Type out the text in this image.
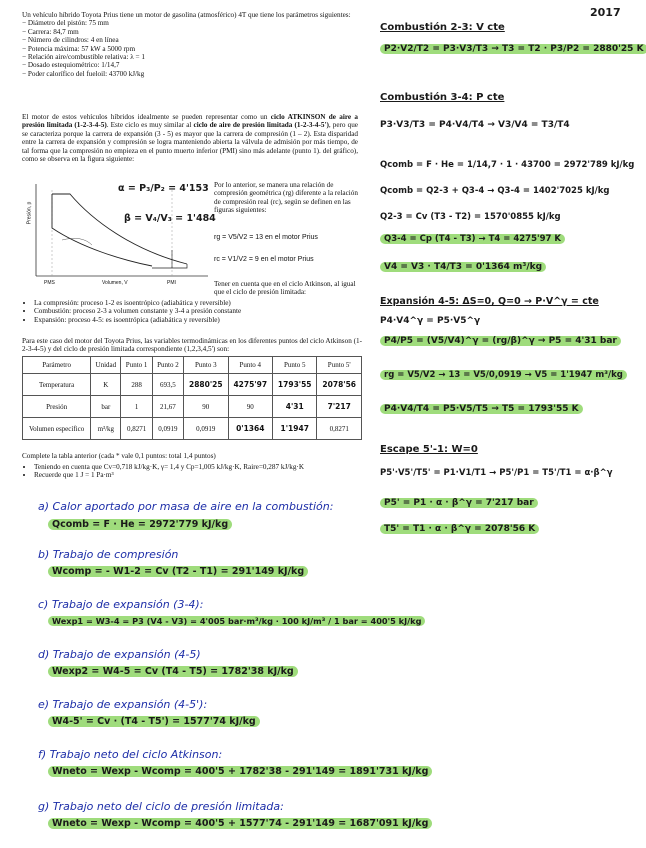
2017

Un vehículo híbrido Toyota Prius tiene un motor de gasolina (atmosférico) 4T que tiene los parámetros siguientes:

− Diámetro del pistón: 75 mm

− Carrera: 84,7 mm

− Número de cilindros: 4 en línea

− Potencia máxima: 57 kW a 5000 rpm

− Relación aire/combustible relativa: λ = 1

− Dosado estequiométrico: 1/14,7

− Poder calorífico del fueloil: 43700 kJ/kg

El motor de estos vehículos híbridos idealmente se pueden representar como un ciclo ATKINSON de aire a presión limitada (1-2-3-4-5). Este ciclo es muy similar al ciclo de aire de presión limitada (1-2-3-4-5'), pero que se caracteriza porque la carrera de expansión (3 - 5) es mayor que la carrera de compresión (1 – 2). Esta disparidad entre la carrera de expansión y compresión se logra manteniendo abierta la válvula de admisión por más tiempo, de tal forma que la compresión no empieza en el punto muerto inferior (PMI) sino más adelante (punto 1). del gráfico), como se observa en la figura siguiente:
Presión, p
Volumen, V
PMS	PMI
α = P₃/P₂ = 4'153
β = V₄/V₃ = 1'484
Por lo anterior, se manera una relación de compresión geométrica (rg) diferente a la relación de compresión real (rc), según se definen en las figuras siguientes:
rg = V5/V2 = 13 en el motor Prius
rc = V1/V2 = 9 en el motor Prius
Tener en cuenta que en el ciclo Atkinson, al igual que el ciclo de presión limitada:
• La compresión: proceso 1-2 es isoentrópico (adiabática y reversible)
• Combustión: proceso 2-3 a volumen constante y 3-4 a presión constante
• Expansión: proceso 4-5: es isoentrópica (adiabática y reversible)
Para este caso del motor del Toyota Prius, las variables termodinámicas en los diferentes puntos del ciclo Atkinson (1-2-3-4-5) y del ciclo de presión limitada correspondiente (1,2,3,4,5') son:
Parámetro	Unidad	Punto 1	Punto 2	Punto 3	Punto 4	Punto 5	Punto 5'
Temperatura	K	288	693,5	2880'25	4275'97	1793'55	2078'56
Presión	bar	1	21,67	90	90	4'31	7'217
Volumen específico	m³/kg	0,8271	0,0919	0,0919	0'1364	1'1947	0,8271
Complete la tabla anterior (cada * vale 0,1 puntos: total 1,4 puntos)
• Teniendo en cuenta que Cv=0,718 kJ/kg·K, γ= 1,4 y Cp=1,005 kJ/kg·K, Raire=0,287 kJ/kg·K
• Recuerde que 1 J = 1 Pa·m³
a) Calor aportado por masa de aire en la combustión:
Qcomb = F · He = 2972'779 kJ/kg
b) Trabajo de compresión
Wcomp = - W1-2 = Cv (T2 - T1) = 291'149 kJ/kg
c) Trabajo de expansión (3-4):
Wexp1 = W3-4 = P3 (V4 - V3) = 4'005 bar·m³/kg · 100 kJ/m³ / 1 bar = 400'5 kJ/kg
d) Trabajo de expansión (4-5)
Wexp2 = W4-5 = Cv (T4 - T5) = 1782'38 kJ/kg
e) Trabajo de expansión (4-5'):
W4-5' = Cv · (T4 - T5') = 1577'74 kJ/kg
f) Trabajo neto del ciclo Atkinson:
Wneto = Wexp - Wcomp = 400'5 + 1782'38 - 291'149 = 1891'731 kJ/kg
g) Trabajo neto del ciclo de presión limitada:
Wneto = Wexp - Wcomp = 400'5 + 1577'74 - 291'149 = 1687'091 kJ/kg
Combustión 2-3: V cte
P2·V2/T2 = P3·V3/T3 → T3 = T2 · P3/P2 = 2880'25 K
Combustión 3-4: P cte
P3·V3/T3 = P4·V4/T4 → V3/V4 = T3/T4
Qcomb = F · He = 1/14,7 · 1 · 43700 = 2972'789 kJ/kg
Qcomb = Q2-3 + Q3-4 → Q3-4 = 1402'7025 kJ/kg
Q2-3 = Cv (T3 - T2) = 1570'0855 kJ/kg
Q3-4 = Cp (T4 - T3) → T4 = 4275'97 K
V4 = V3 · T4/T3 = 0'1364 m³/kg
Expansión 4-5: ΔS=0, Q=0 → P·V^γ = cte
P4·V4^γ = P5·V5^γ
P4/P5 = (V5/V4)^γ = (rg/β)^γ → P5 = 4'31 bar
rg = V5/V2 → 13 = V5/0,0919 → V5 = 1'1947 m³/kg
P4·V4/T4 = P5·V5/T5 → T5 = 1793'55 K
Escape 5'-1: W=0
P5'·V5'/T5' = P1·V1/T1 → P5'/P1 = T5'/T1 = α·β^γ
P5' = P1 · α · β^γ = 7'217 bar
T5' = T1 · α · β^γ = 2078'56 K
